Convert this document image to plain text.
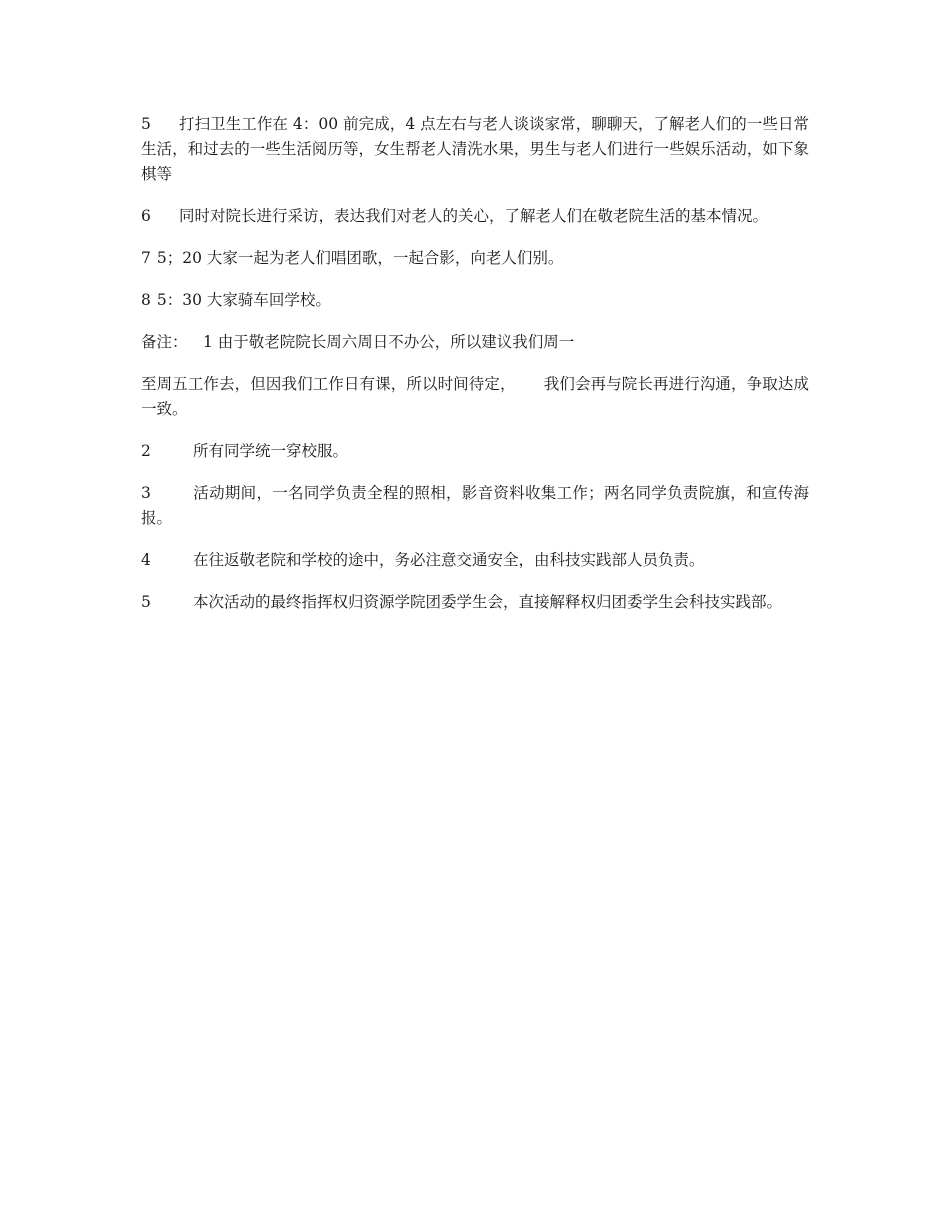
5 打扫卫生工作在 4：00 前完成，4 点左右与老人谈谈家常，聊聊天，了解老人们的一些日常生活，和过去的一些生活阅历等，女生帮老人清洗水果，男生与老人们进行一些娱乐活动，如下象棋等

6 同时对院长进行采访，表达我们对老人的关心，了解老人们在敬老院生活的基本情况。

7 5；20 大家一起为老人们唱团歌，一起合影，向老人们别。

8 5：30 大家骑车回学校。

备注： 1 由于敬老院院长周六周日不办公，所以建议我们周一

至周五工作去，但因我们工作日有课，所以时间待定， 我们会再与院长再进行沟通，争取达成一致。

2	所有同学统一穿校服。

3	活动期间，一名同学负责全程的照相，影音资料收集工作；两名同学负责院旗，和宣传海报。

4	在往返敬老院和学校的途中，务必注意交通安全，由科技实践部人员负责。

5	本次活动的最终指挥权归资源学院团委学生会，直接解释权归团委学生会科技实践部。
